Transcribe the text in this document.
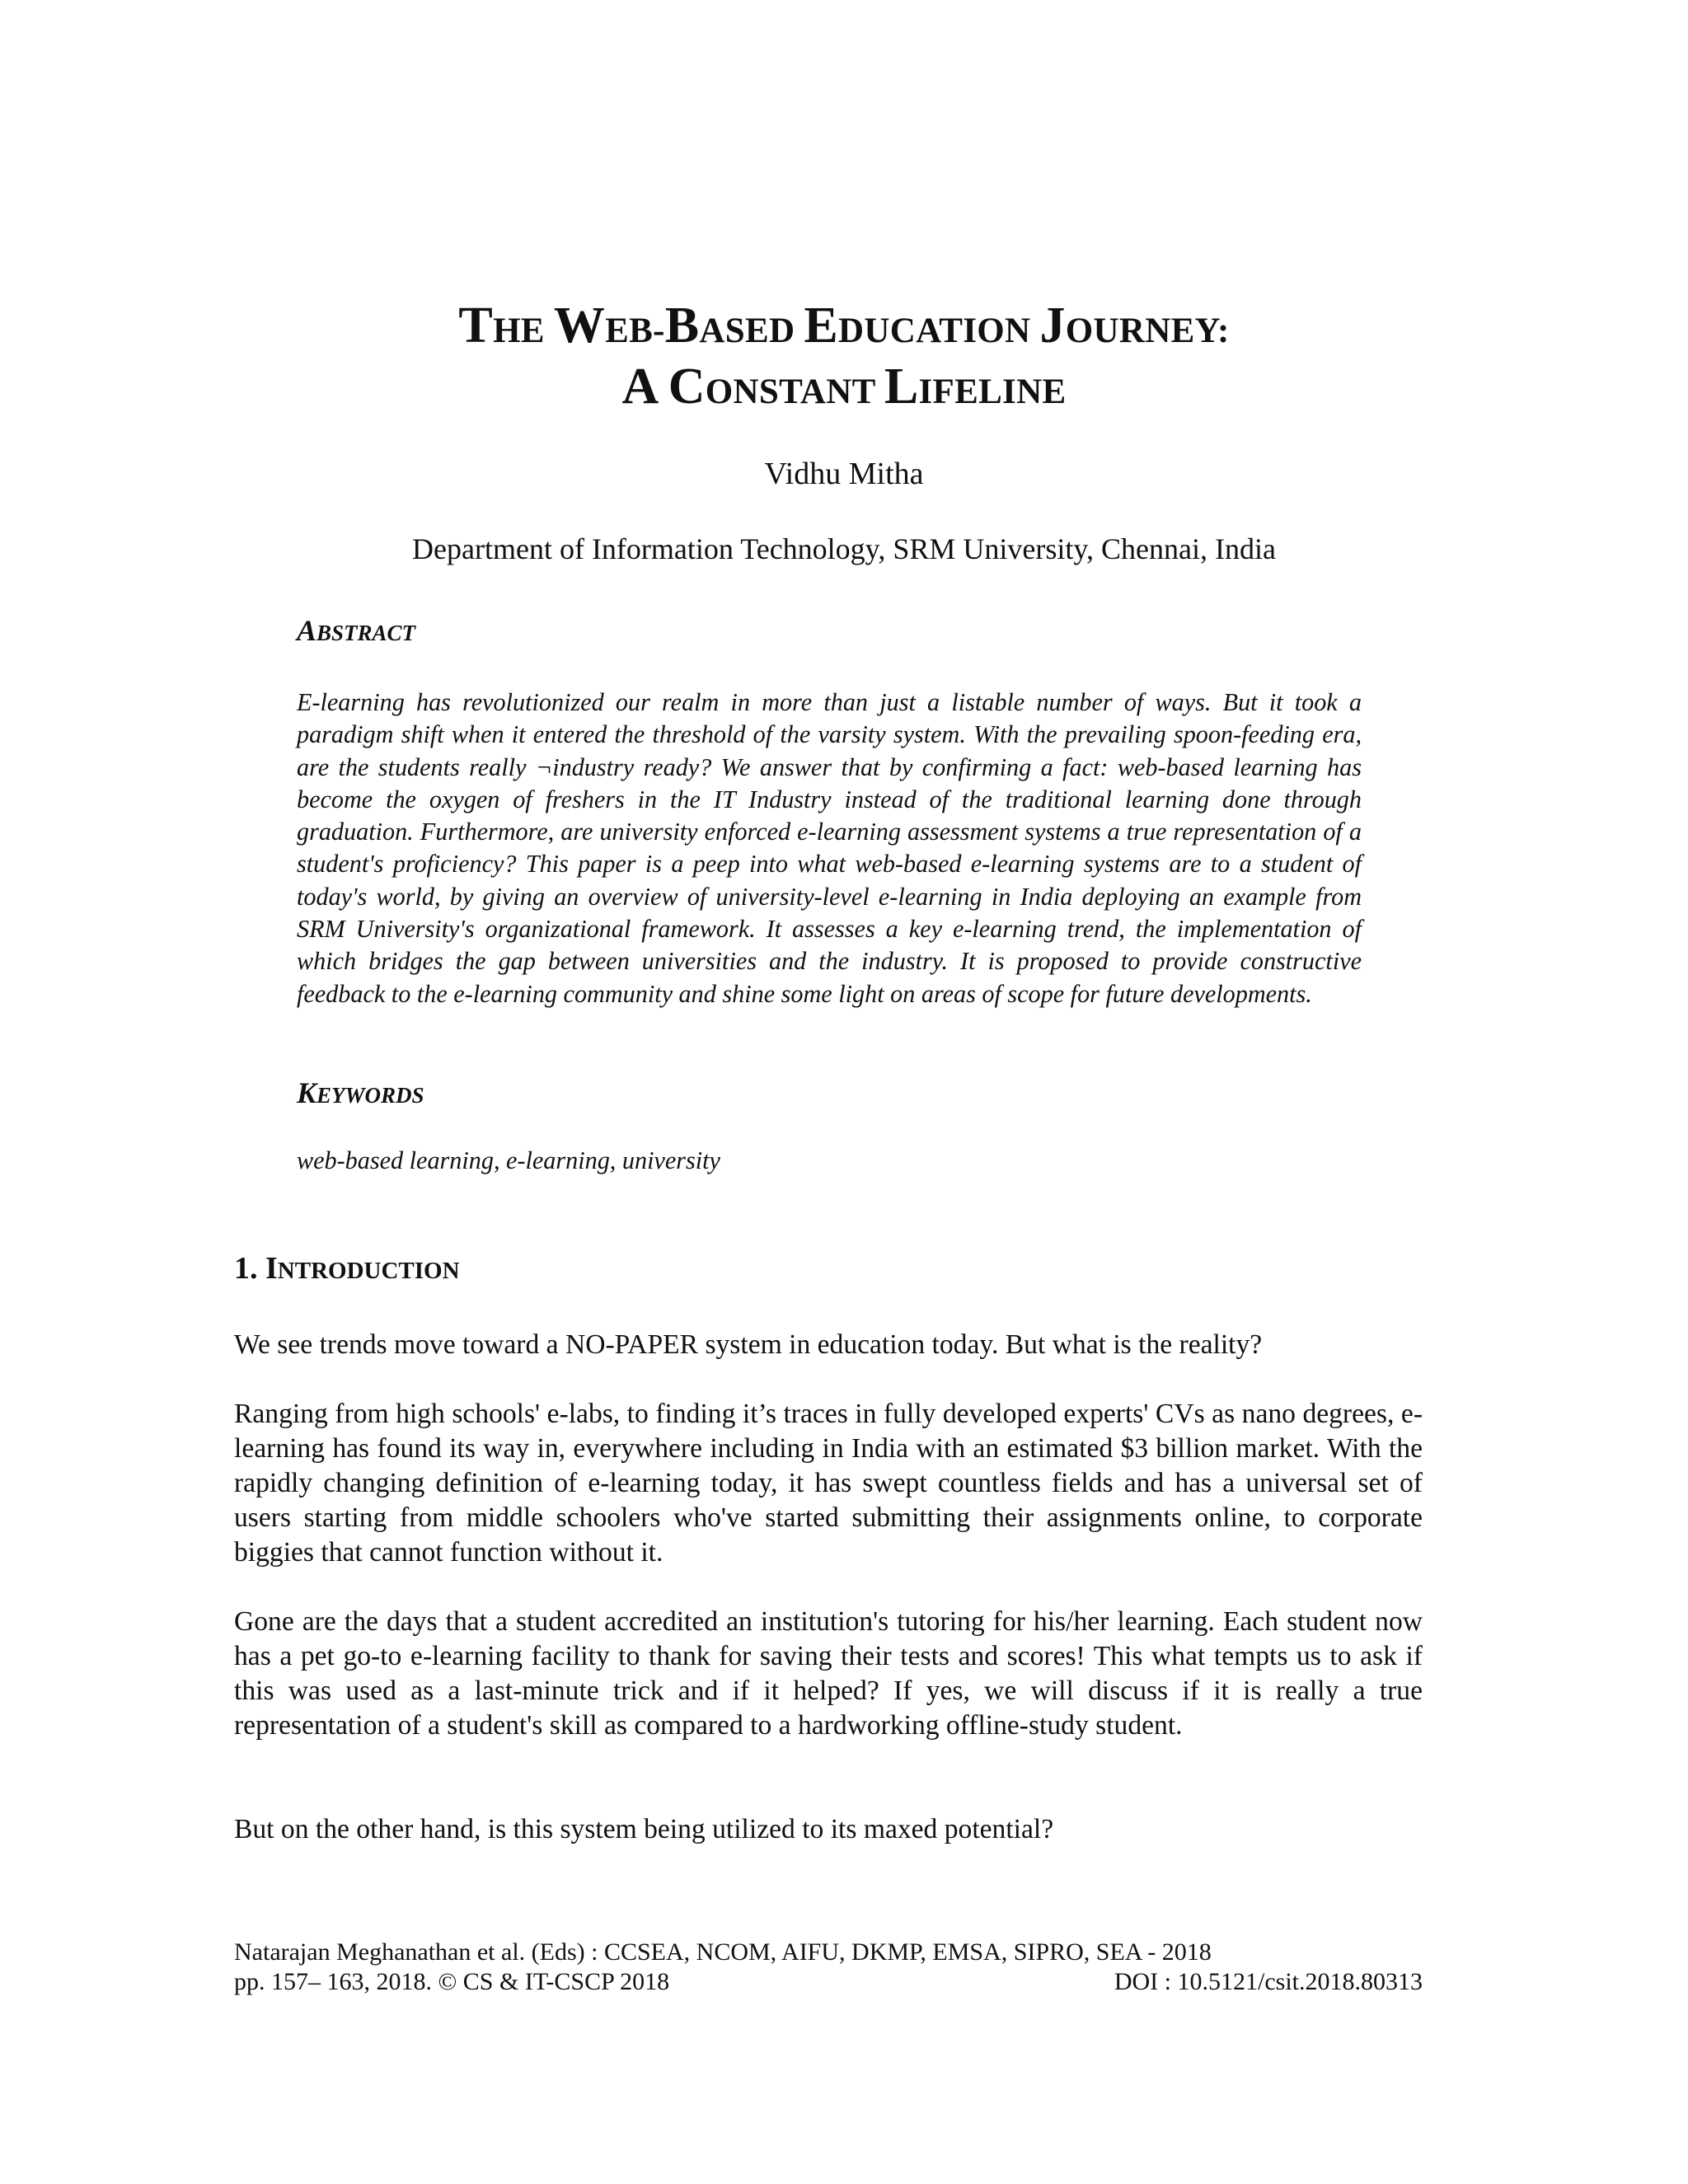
THE WEB-BASED EDUCATION JOURNEY:
A CONSTANT LIFELINE
Vidhu Mitha
Department of Information Technology, SRM University, Chennai, India
ABSTRACT

E-learning has revolutionized our realm in more than just a listable number of ways. But it took a paradigm shift when it entered the threshold of the varsity system. With the prevailing spoon-feeding era, are the students really ¬industry ready? We answer that by confirming a fact: web-based learning has become the oxygen of freshers in the IT Industry instead of the traditional learning done through graduation. Furthermore, are university enforced e-learning assessment systems a true representation of a student's proficiency? This paper is a peep into what web-based e-learning systems are to a student of today's world, by giving an overview of university-level e-learning in India deploying an example from SRM University's organizational framework. It assesses a key e-learning trend, the implementation of which bridges the gap between universities and the industry. It is proposed to provide constructive feedback to the e-learning community and shine some light on areas of scope for future developments.

KEYWORDS

web-based learning, e-learning, university

1. INTRODUCTION

We see trends move toward a NO-PAPER system in education today. But what is the reality?

Ranging from high schools' e-labs, to finding it’s traces in fully developed experts' CVs as nano degrees, e-learning has found its way in, everywhere including in India with an estimated $3 billion market. With the rapidly changing definition of e-learning today, it has swept countless fields and has a universal set of users starting from middle schoolers who've started submitting their assignments online, to corporate biggies that cannot function without it.

Gone are the days that a student accredited an institution's tutoring for his/her learning. Each student now has a pet go-to e-learning facility to thank for saving their tests and scores! This what tempts us to ask if this was used as a last-minute trick and if it helped? If yes, we will discuss if it is really a true representation of a student's skill as compared to a hardworking offline-study student.

But on the other hand, is this system being utilized to its maxed potential?

Natarajan Meghanathan et al. (Eds) : CCSEA, NCOM, AIFU, DKMP, EMSA, SIPRO, SEA - 2018
pp. 157– 163, 2018. © CS & IT-CSCP 2018	DOI : 10.5121/csit.2018.80313
